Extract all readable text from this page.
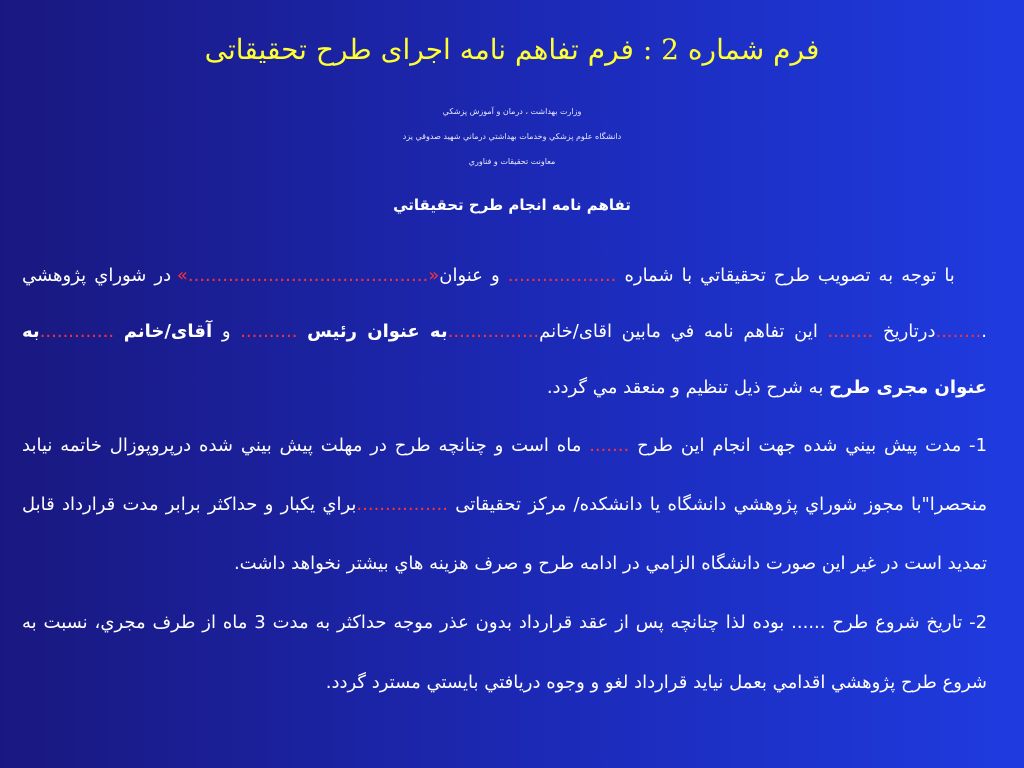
فرم شماره 2 : فرم تفاهم نامه اجرای طرح تحقیقاتی
وزارت بهداشت ، درمان و آموزش پزشكي
دانشگاه علوم پزشكي وخدمات بهداشتي درماني شهيد صدوقي يزد
معاونت تحقيقات و فناوري
تفاهم نامه انجام طرح تحقيقاتي

با توجه به تصويب طرح تحقيقاتي با شماره ................... و عنوان«..........................................» در شوراي پژوهشي .........درتاريخ ........ اين تفاهم نامه في مابين اقای/خانم................به عنوان رئيس .......... و آقای/خانم .............به عنوان مجری طرح به شرح ذيل تنظيم و منعقد مي گردد.

1- مدت پيش بيني شده جهت انجام اين طرح ....... ماه است و چنانچه طرح در مهلت پيش بيني شده درپروپوزال خاتمه نيابد منحصرا"با مجوز شوراي پژوهشي دانشگاه يا دانشكده/ مركز تحقيقاتی ................براي يكبار و حداكثر برابر مدت قرارداد قابل تمديد است در غير اين صورت دانشگاه الزامي در ادامه طرح و صرف هزينه هاي بيشتر نخواهد داشت.

2- تاريخ شروع طرح ...... بوده لذا چنانچه پس از عقد قرارداد بدون عذر موجه حداكثر به مدت 3 ماه از طرف مجري، نسبت به شروع طرح پژوهشي اقدامي بعمل نيايد قرارداد لغو و وجوه دريافتي بايستي مسترد گردد.
